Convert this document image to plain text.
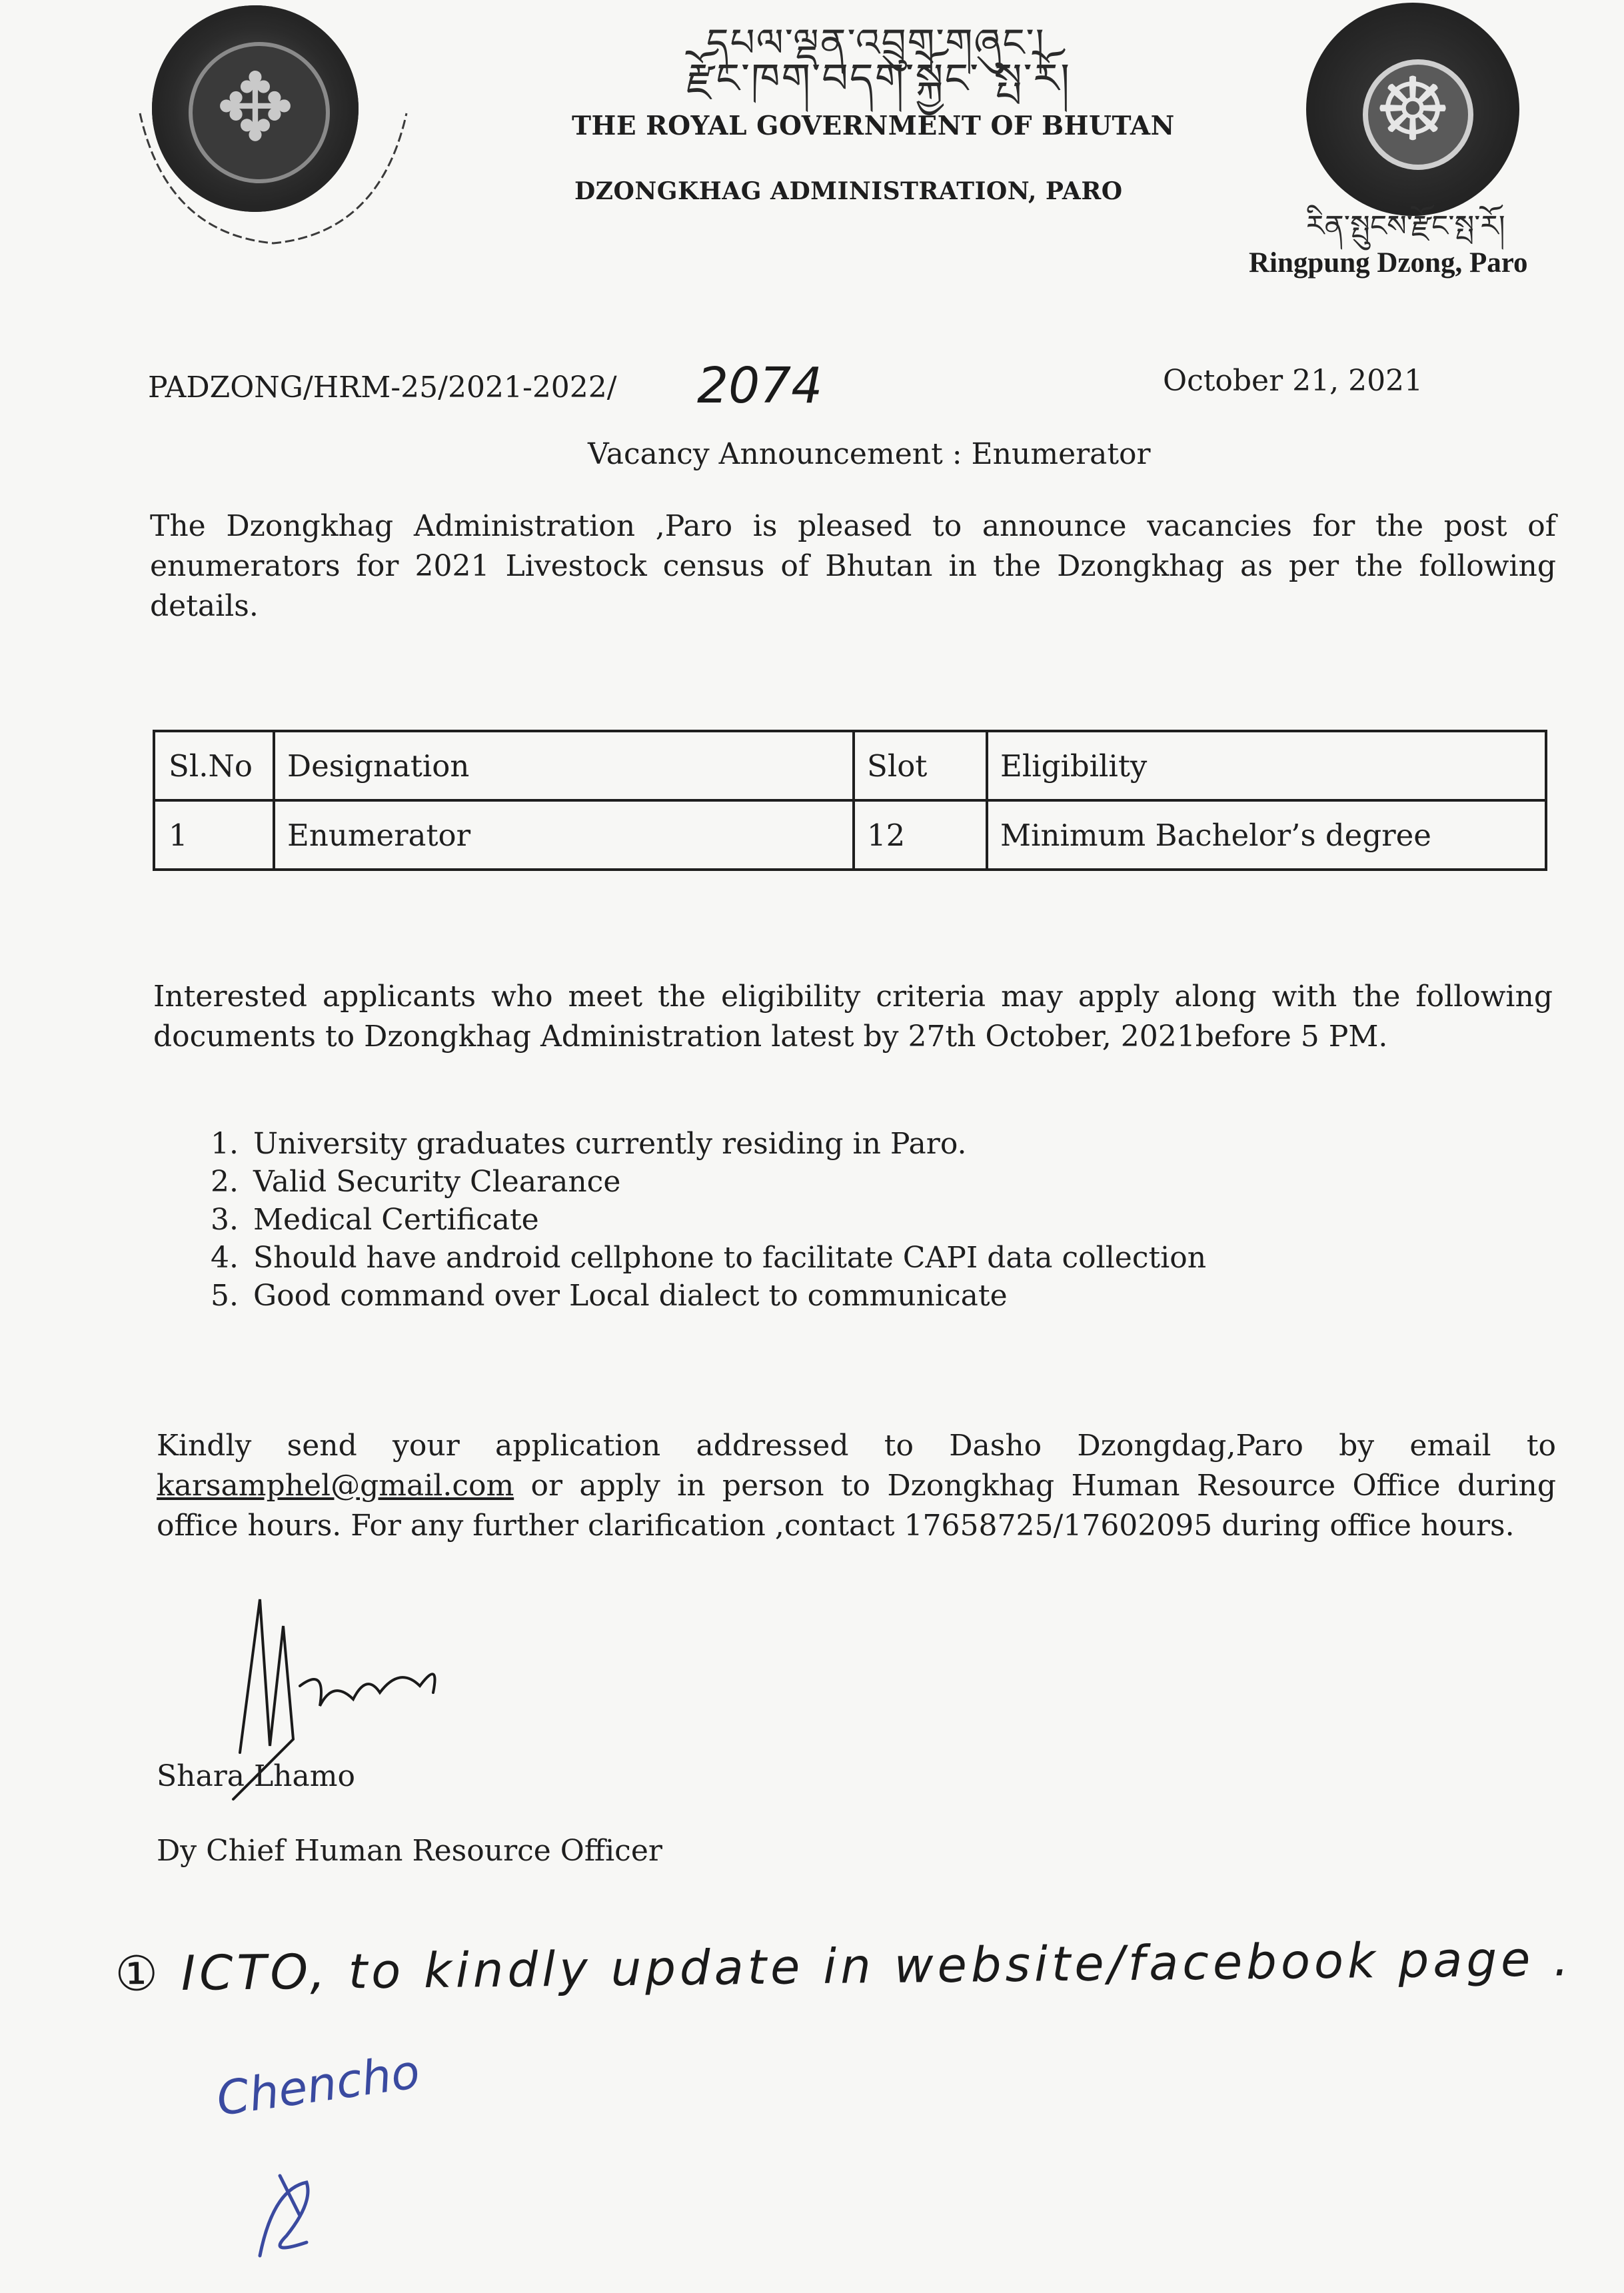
✥
དཔལ་ལྡན་འབྲུག་གཞུང་།
རྫོང་ཁག་བདག་སྐྱོང་ སྤ་རོ།
THE ROYAL GOVERNMENT OF BHUTAN
DZONGKHAG ADMINISTRATION, PARO
☸
རིན་སྤུངས་རྫོང་སྤ་རོ།
Ringpung Dzong, Paro
PADZONG/HRM-25/2021-2022/ 2074	October 21, 2021
Vacancy Announcement : Enumerator
The Dzongkhag Administration ,Paro is pleased to announce vacancies for the post of enumerators for 2021 Livestock census of Bhutan in the Dzongkhag as per the following details.
Sl.No	Designation	Slot	Eligibility
1	Enumerator	12	Minimum Bachelor’s degree
Interested applicants who meet the eligibility criteria may apply along with the following documents to Dzongkhag Administration latest by 27th October, 2021before 5 PM.
1. University graduates currently residing in Paro.
2. Valid Security Clearance
3. Medical Certificate
4. Should have android cellphone to facilitate CAPI data collection
5. Good command over Local dialect to communicate
Kindly send your application addressed to Dasho Dzongdag,Paro by email to karsamphel@gmail.com or apply in person to Dzongkhag Human Resource Office during office hours. For any further clarification ,contact 17658725/17602095 during office hours.
Shara Lhamo
Dy Chief Human Resource Officer
① ICTO, to kindly update in website/facebook page .
Chencho
